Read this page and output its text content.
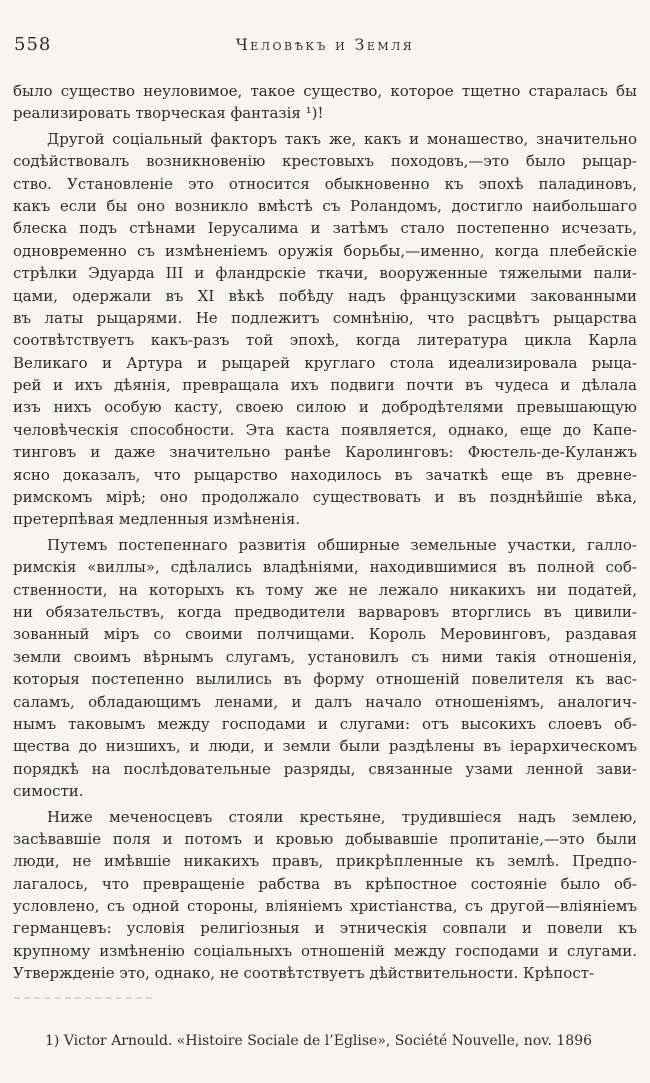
558	Человѣкъ и Земля
было существо неуловимое, такое существо, которое тщетно старалась бы
реализировать творческая фантазія ¹)!
Другой соціальный факторъ такъ же, какъ и монашество, значительно
содѣйствовалъ возникновенію крестовыхъ походовъ,—это было рыцар-
ство. Установленіе это относится обыкновенно къ эпохѣ паладиновъ,
какъ если бы оно возникло вмѣстѣ съ Роландомъ, достигло наибольшаго
блеска подъ стѣнами Іерусалима и затѣмъ стало постепенно исчезать,
одновременно съ измѣненіемъ оружія борьбы,—именно, когда плебейскіе
стрѣлки Эдуарда III и фландрскіе ткачи, вооруженные тяжелыми пали-
цами, одержали въ XI вѣкѣ побѣду надъ французскими закованными
въ латы рыцарями. Не подлежитъ сомнѣнію, что расцвѣтъ рыцарства
соотвѣтствуетъ какъ-разъ той эпохѣ, когда литература цикла Карла
Великаго и Артура и рыцарей круглаго стола идеализировала рыца-
рей и ихъ дѣянія, превращала ихъ подвиги почти въ чудеса и дѣлала
изъ нихъ особую касту, своею силою и добродѣтелями превышающую
человѣческія способности. Эта каста появляется, однако, еще до Капе-
тинговъ и даже значительно ранѣе Каролинговъ: Фюстель-де-Куланжъ
ясно доказалъ, что рыцарство находилось въ зачаткѣ еще въ древне-
римскомъ мірѣ; оно продолжало существовать и въ позднѣйшіе вѣка,
претерпѣвая медленныя измѣненія.
Путемъ постепеннаго развитія обширные земельные участки, галло-
римскія «виллы», сдѣлались владѣніями, находившимися въ полной соб-
ственности, на которыхъ къ тому же не лежало никакихъ ни податей,
ни обязательствъ, когда предводители варваровъ вторглись въ цивили-
зованный міръ со своими полчищами. Король Меровинговъ, раздавая
земли своимъ вѣрнымъ слугамъ, установилъ съ ними такія отношенія,
которыя постепенно вылились въ форму отношеній повелителя къ вас-
саламъ, обладающимъ ленами, и далъ начало отношеніямъ, аналогич-
нымъ таковымъ между господами и слугами: отъ высокихъ слоевъ об-
щества до низшихъ, и люди, и земли были раздѣлены въ іерархическомъ
порядкѣ на послѣдовательные разряды, связанные узами ленной зави-
симости.
Ниже меченосцевъ стояли крестьяне, трудившіеся надъ землею,
засѣвавшіе поля и потомъ и кровью добывавшіе пропитаніе,—это были
люди, не имѣвшіе никакихъ правъ, прикрѣпленные къ землѣ. Предпо-
лагалось, что превращеніе рабства въ крѣпостное состояніе было об-
условлено, съ одной стороны, вліяніемъ христіанства, съ другой—вліяніемъ
германцевъ: условія религіозныя и этническія совпали и повели къ
крупному измѣненію соціальныхъ отношеній между господами и слугами.
Утвержденіе это, однако, не соотвѣтствуетъ дѣйствительности. Крѣпост-
1) Victor Arnould. «Histoire Sociale de l’Eglise», Société Nouvelle, nov. 1896
